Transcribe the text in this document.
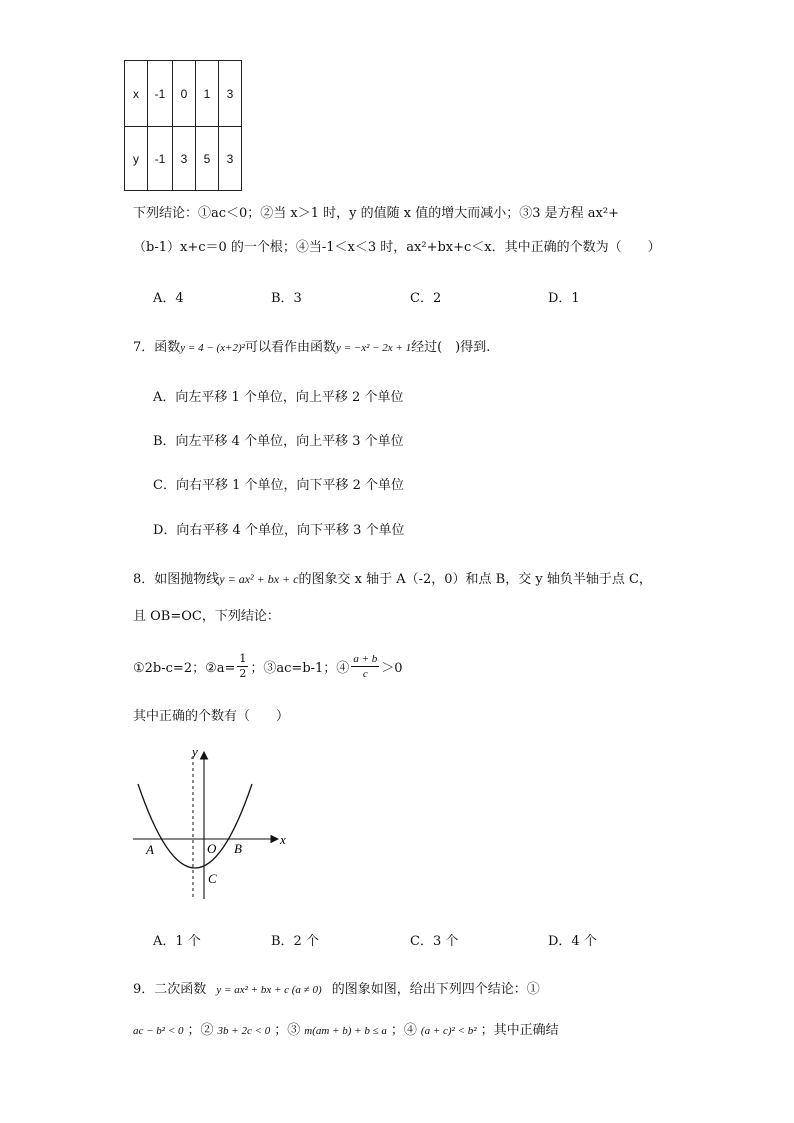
x	-1	0	1	3
y	-1	3	5	3
下列结论：①ac＜0；②当 x＞1 时，y 的值随 x 值的增大而减小；③3 是方程 ax²+
（b-1）x+c＝0 的一个根；④当-1＜x＜3 时，ax²+bx+c＜x．其中正确的个数为（　　）
A．4	B．3	C．2	D．1
7．函数y = 4 − (x+2)²可以看作由函数y = −x² − 2x + 1经过(　)得到.
A．向左平移 1 个单位，向上平移 2 个单位
B．向左平移 4 个单位，向上平移 3 个单位
C．向右平移 1 个单位，向下平移 2 个单位
D．向右平移 4 个单位，向下平移 3 个单位
8．如图抛物线y = ax² + bx + c的图象交 x 轴于 A（-2，0）和点 B，交 y 轴负半轴于点 C，
且 OB=OC，下列结论：
①2b-c=2；②a= $\frac{1}{2}$ ；③ac=b-1；④ $\frac{a + b}{c} >0$
其中正确的个数有（　　）
y
x
A	O B
C
A．1 个	B．2 个	C．3 个	D．4 个
9．二次函数 y = ax² + bx + c (a ≠ 0) 的图象如图，给出下列四个结论：①
ac − b² < 0 ；② 3b + 2c < 0 ；③ m(am + b) + b ≤ a ；④ (a + c)² < b² ；其中正确结
